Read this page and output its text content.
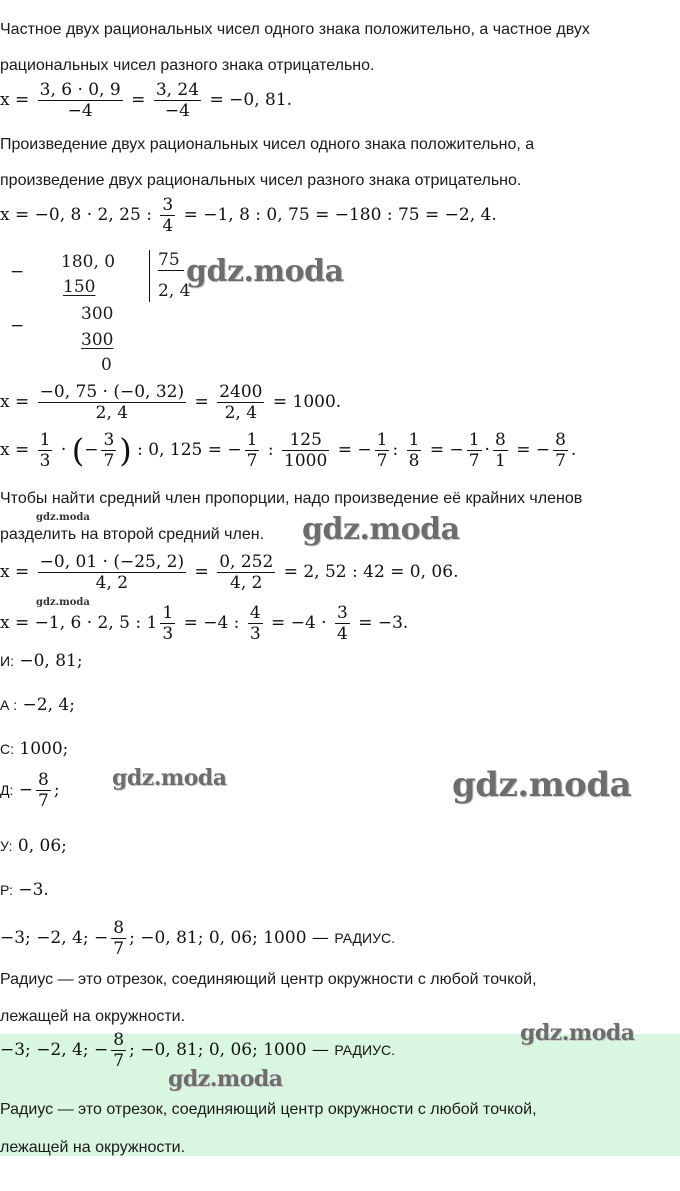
Частное двух рациональных чисел одного знака положительно, а частное двух
рациональных чисел разного знака отрицательно.
$x = \frac{3, 6 \cdot 0, 9}{-4} = \frac{3, 24}{-4} = -0$, 81.
Произведение двух рациональных чисел одного знака положительно, а
произведение двух рациональных чисел разного знака отрицательно.
x = −0, 8 · 2, 25 : $\frac{3}{4} = -1$, 8 : 0, 75 = −180 : 75 = −2, 4.
− 180, 0
150
75
2, 4
−
300
300
0
$x = \frac{-0, 75 \cdot (-0, 32)}{2, 4} = \frac{2400}{2, 4} = 1000$.
$x = \frac{1}{3}$ · (− $\frac{3}{7}$ ) : 0, 125 = − $\frac{1}{7}$ : $\frac{125}{1000}$ = − $\frac{1}{7}$ : $\frac{1}{8}$ = − $\frac{1}{7} \cdot \frac{8}{1}$ = − $\frac{8}{7}$ .
Чтобы найти средний член пропорции, надо произведение её крайних членов
разделить на второй средний член.
$x = \frac{-0, 01 \cdot (-25, 2)}{4, 2} = \frac{0, 252}{4, 2} = 2$, 52 : 42 = 0, 06.
x = −1, 6 · 2, 5 : $1 \frac{1}{3} = -4$ : $\frac{4}{3} = -4 \cdot \frac{3}{4} = -3$.
И: −0, 81;
А : −2, 4;
С: 1000;
Д: − $\frac{8}{7}$ ;
У: 0, 06;
Р: −3.
−3; −2, 4; − $\frac{8}{7}$ ; −0, 81; 0, 06; 1000 — РАДИУС.
Радиус — это отрезок, соединяющий центр окружности с любой точкой,
лежащей на окружности.
−3; −2, 4; − $\frac{8}{7}$ ; −0, 81; 0, 06; 1000 — РАДИУС.
Радиус — это отрезок, соединяющий центр окружности с любой точкой,
лежащей на окружности.
gdz.moda
gdz.moda
gdz.moda
gdz.moda
gdz.moda	gdz.moda
gdz.moda
gdz.moda
